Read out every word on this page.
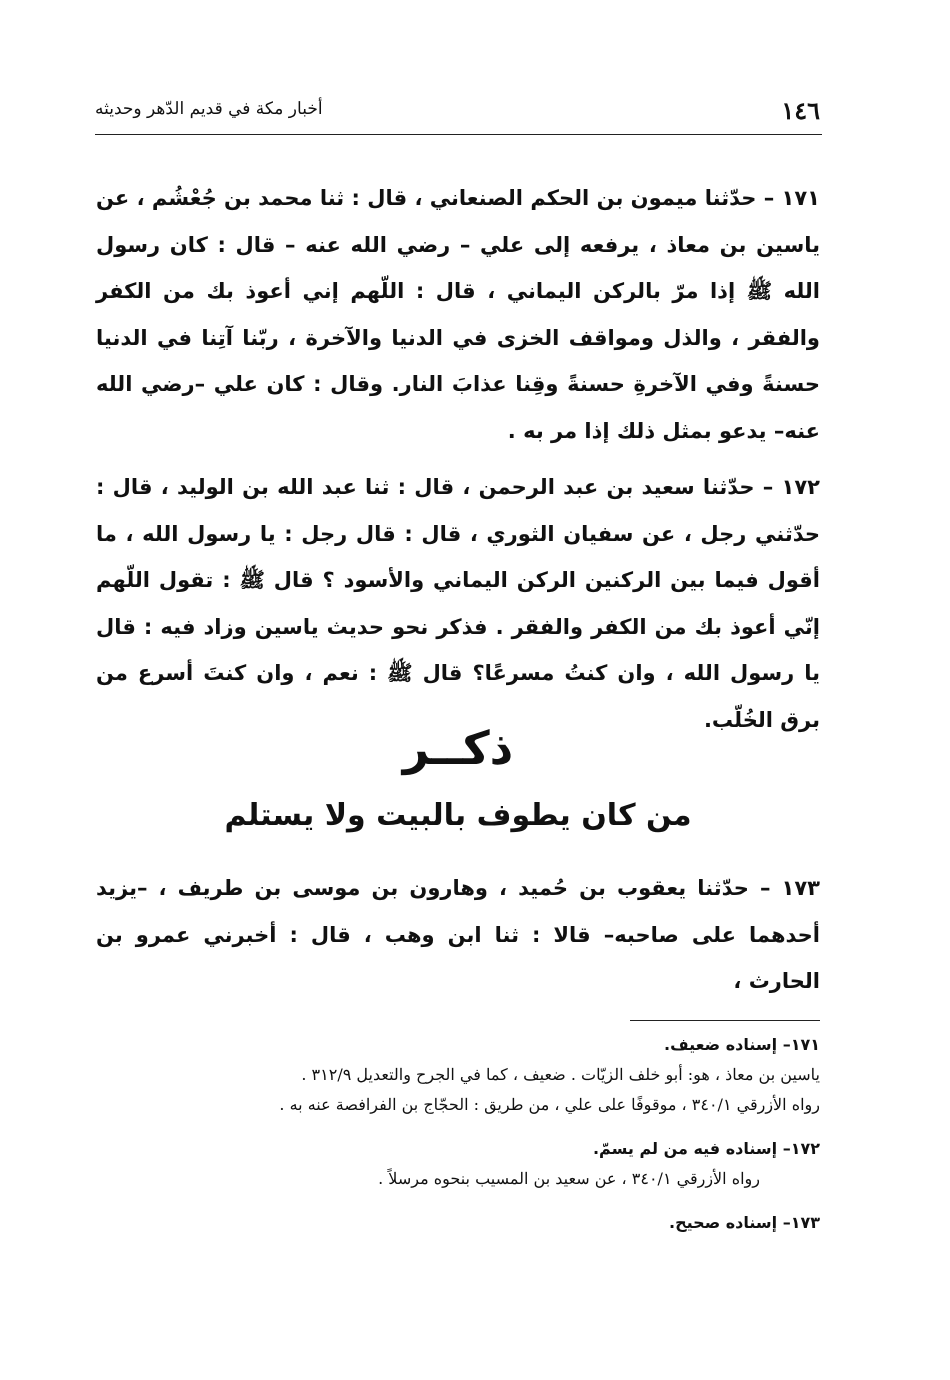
١٤٦
أخبار مكة في قديم الدّهر وحديثه

١٧١ – حدّثنا ميمون بن الحكم الصنعاني ، قال : ثنا محمد بن جُعْشُم ، عن ياسين بن معاذ ، يرفعه إلى علي – رضي الله عنه – قال : كان رسول الله ﷺ إذا مرّ بالركن اليماني ، قال : اللّهم إني أعوذ بك من الكفر والفقر ، والذل ومواقف الخزى في الدنيا والآخرة ، ربّنا آتِنا في الدنيا حسنةً وفي الآخرةِ حسنةً وقِنا عذابَ النار. وقال : كان علي –رضي الله عنه– يدعو بمثل ذلك إذا مر به .

١٧٢ – حدّثنا سعيد بن عبد الرحمن ، قال : ثنا عبد الله بن الوليد ، قال : حدّثني رجل ، عن سفيان الثوري ، قال : قال رجل : يا رسول الله ، ما أقول فيما بين الركنين الركن اليماني والأسود ؟ قال ﷺ : تقول اللّهم إنّي أعوذ بك من الكفر والفقر . فذكر نحو حديث ياسين وزاد فيه : قال يا رسول الله ، وان كنتُ مسرعًا؟ قال ﷺ : نعم ، وان كنتَ أسرع من برق الخُلّب.

ذكــر
من كان يطوف بالبيت ولا يستلم

١٧٣ – حدّثنا يعقوب بن حُميد ، وهارون بن موسى بن طريف ، –يزيد أحدهما على صاحبه– قالا : ثنا ابن وهب ، قال : أخبرني عمرو بن الحارث ،

١٧١– إسناده ضعيف.
ياسين بن معاذ ، هو: أبو خلف الزيّات . ضعيف ، كما في الجرح والتعديل ٣١٢/٩ .
رواه الأزرقي ٣٤٠/١ ، موقوفًا على علي ، من طريق : الحجّاج بن الفرافصة عنه به .
١٧٢– إسناده فيه من لم يسمّ.
رواه الأزرقي ٣٤٠/١ ، عن سعيد بن المسيب بنحوه مرسلاً .
١٧٣– إسناده صحيح.
